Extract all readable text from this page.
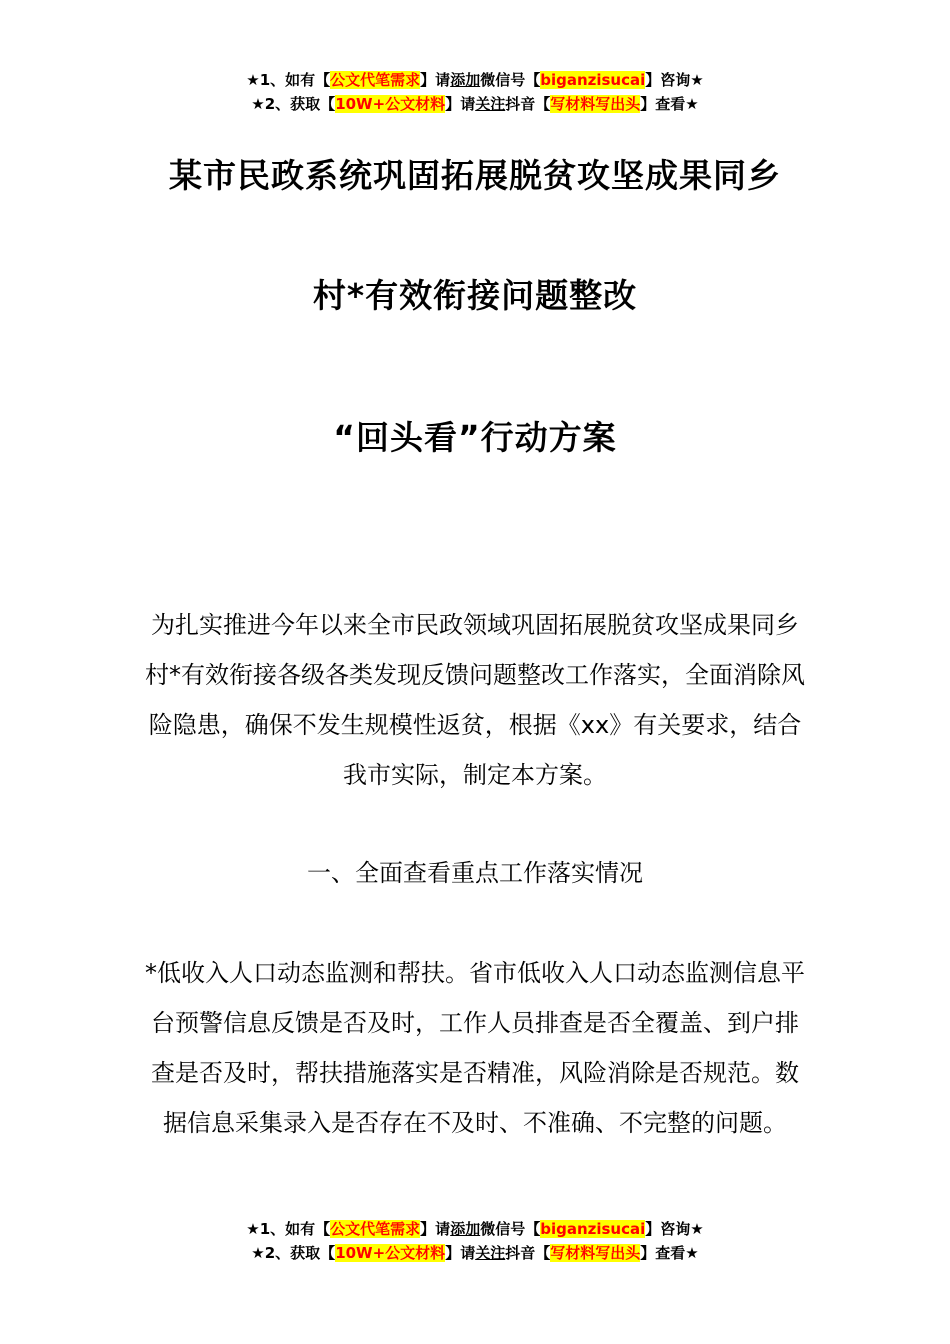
★1、如有【公文代笔需求】请添加微信号【biganzisucai】咨询★
★2、获取【10W+公文材料】请关注抖音【写材料写出头】查看★
某市民政系统巩固拓展脱贫攻坚成果同乡
村*有效衔接问题整改
“回头看”行动方案
为扎实推进今年以来全市民政领域巩固拓展脱贫攻坚成果同乡村*有效衔接各级各类发现反馈问题整改工作落实，全面消除风险隐患，确保不发生规模性返贫，根据《xx》有关要求，结合我市实际，制定本方案。
一、全面查看重点工作落实情况
*低收入人口动态监测和帮扶。省市低收入人口动态监测信息平台预警信息反馈是否及时，工作人员排查是否全覆盖、到户排查是否及时，帮扶措施落实是否精准，风险消除是否规范。数据信息采集录入是否存在不及时、不准确、不完整的问题。
★1、如有【公文代笔需求】请添加微信号【biganzisucai】咨询★
★2、获取【10W+公文材料】请关注抖音【写材料写出头】查看★
